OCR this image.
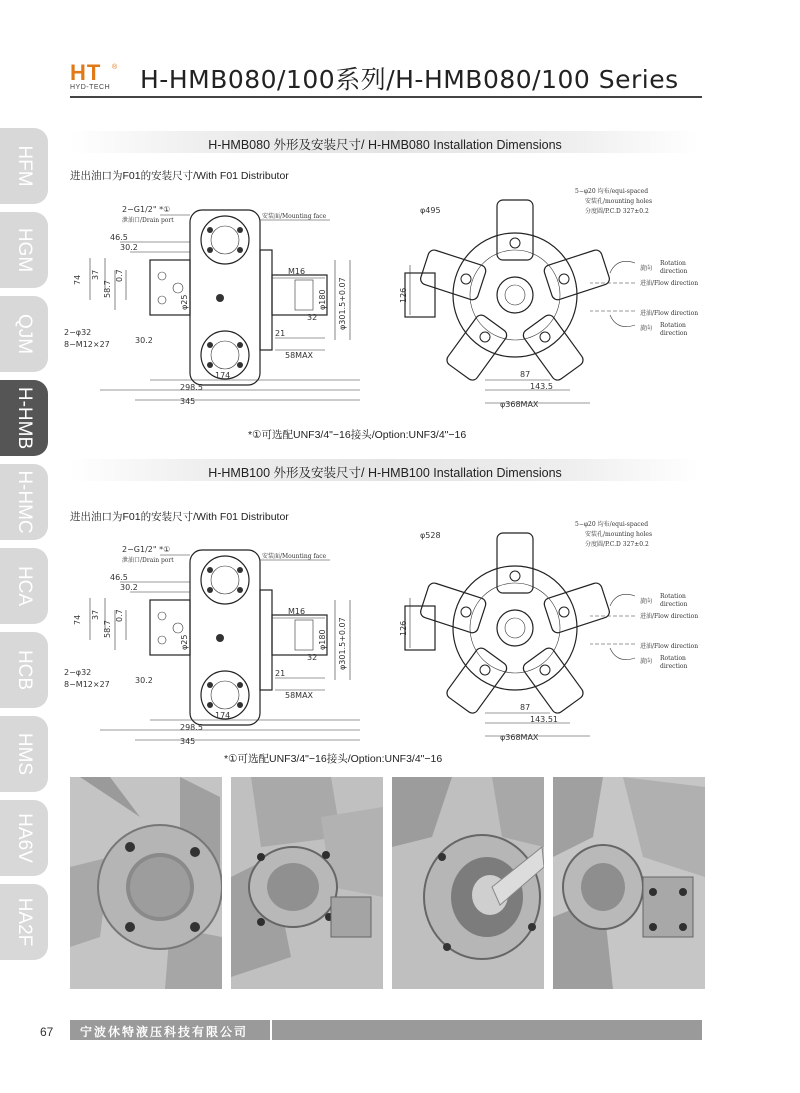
HT ®
HYD-TECH H-HMB080/100系列/H-HMB080/100 Series
HFM
HGM
QJM
H-HMB
H-HMC
HCA
HCB
HMS
HA6V
HA2F
H-HMB080 外形及安装尺寸/ H-HMB080 Installation Dimensions
进出油口为F01的安装尺寸/With F01 Distributor
2−G1/2" *①
泄油口/Drain port
安装面/Mounting face
46.5
30.2
74 37
58.7
0.7
2−φ32
8−M12×27	30.2
M16
φ180 φ301.5+0.07
32
21
58MAX
174
298.5
345
φ25
φ495
5−φ20 均布/equi-spaced
安装孔/mounting holes
分度圆/P.C.D 327±0.2
旋向
Rotation
direction
进油/Flow direction
进油/Flow direction
旋向 Rotation
direction
126
87
143.5
φ368MAX
*①可选配UNF3/4"−16接头/Option:UNF3/4"−16
H-HMB100 外形及安装尺寸/ H-HMB100 Installation Dimensions
进出油口为F01的安装尺寸/With F01 Distributor
2−G1/2" *①
泄油口/Drain port
安装面/Mounting face
46.5
30.2
74 37
58.7
0.7
2−φ32
8−M12×27	30.2
M16
φ180 φ301.5+0.07
32
21
58MAX
174
298.5
345
φ25
φ528
5−φ20 均布/equi-spaced
安装孔/mounting holes
分度圆/P.C.D 327±0.2
旋向
Rotation
direction
进油/Flow direction
进油/Flow direction
旋向 Rotation
direction
126
87
143.51
φ368MAX
*①可选配UNF3/4"−16接头/Option:UNF3/4"−16
67 宁波休特液压科技有限公司
